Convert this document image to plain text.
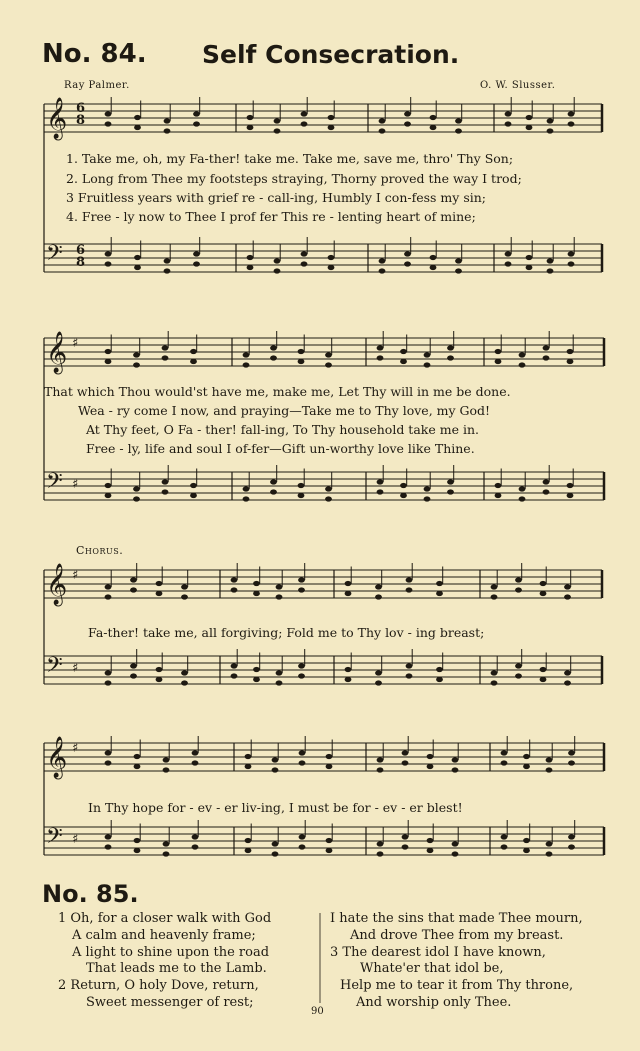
No. 84. Self Consecration.
Ray Palmer.	O. W. Slusser.
𝄞
𝄢
𝄞 ♯
𝄢 ♯
𝄞 ♯
𝄢 ♯
𝄞 ♯
𝄢 ♯
6
8
6
8
1. Take me, oh, my Fa-ther! take me. Take me, save me, thro' Thy Son;
2. Long from Thee my footsteps straying, Thorny proved the way I trod;
3 Fruitless years with grief re - call-ing, Humbly I con-fess my sin;
4. Free - ly now to Thee I prof fer This re - lenting heart of mine;
That which Thou would'st have me, make me, Let Thy will in me be done.
Wea - ry come I now, and praying—Take me to Thy love, my God!
At Thy feet, O Fa - ther! fall-ing, To Thy household take me in.
Free - ly, life and soul I of-fer—Gift un-worthy love like Thine.
Chorus.
Fa-ther! take me, all forgiving; Fold me to Thy lov - ing breast;
In Thy hope for - ev - er liv-ing, I must be for - ev - er blest!
No. 85.
1 Oh, for a closer walk with God
A calm and heavenly frame;
A light to shine upon the road
That leads me to the Lamb.
2 Return, O holy Dove, return,
Sweet messenger of rest;
I hate the sins that made Thee mourn,
And drove Thee from my breast.
3 The dearest idol I have known,
Whate'er that idol be,
Help me to tear it from Thy throne,
And worship only Thee.
90
